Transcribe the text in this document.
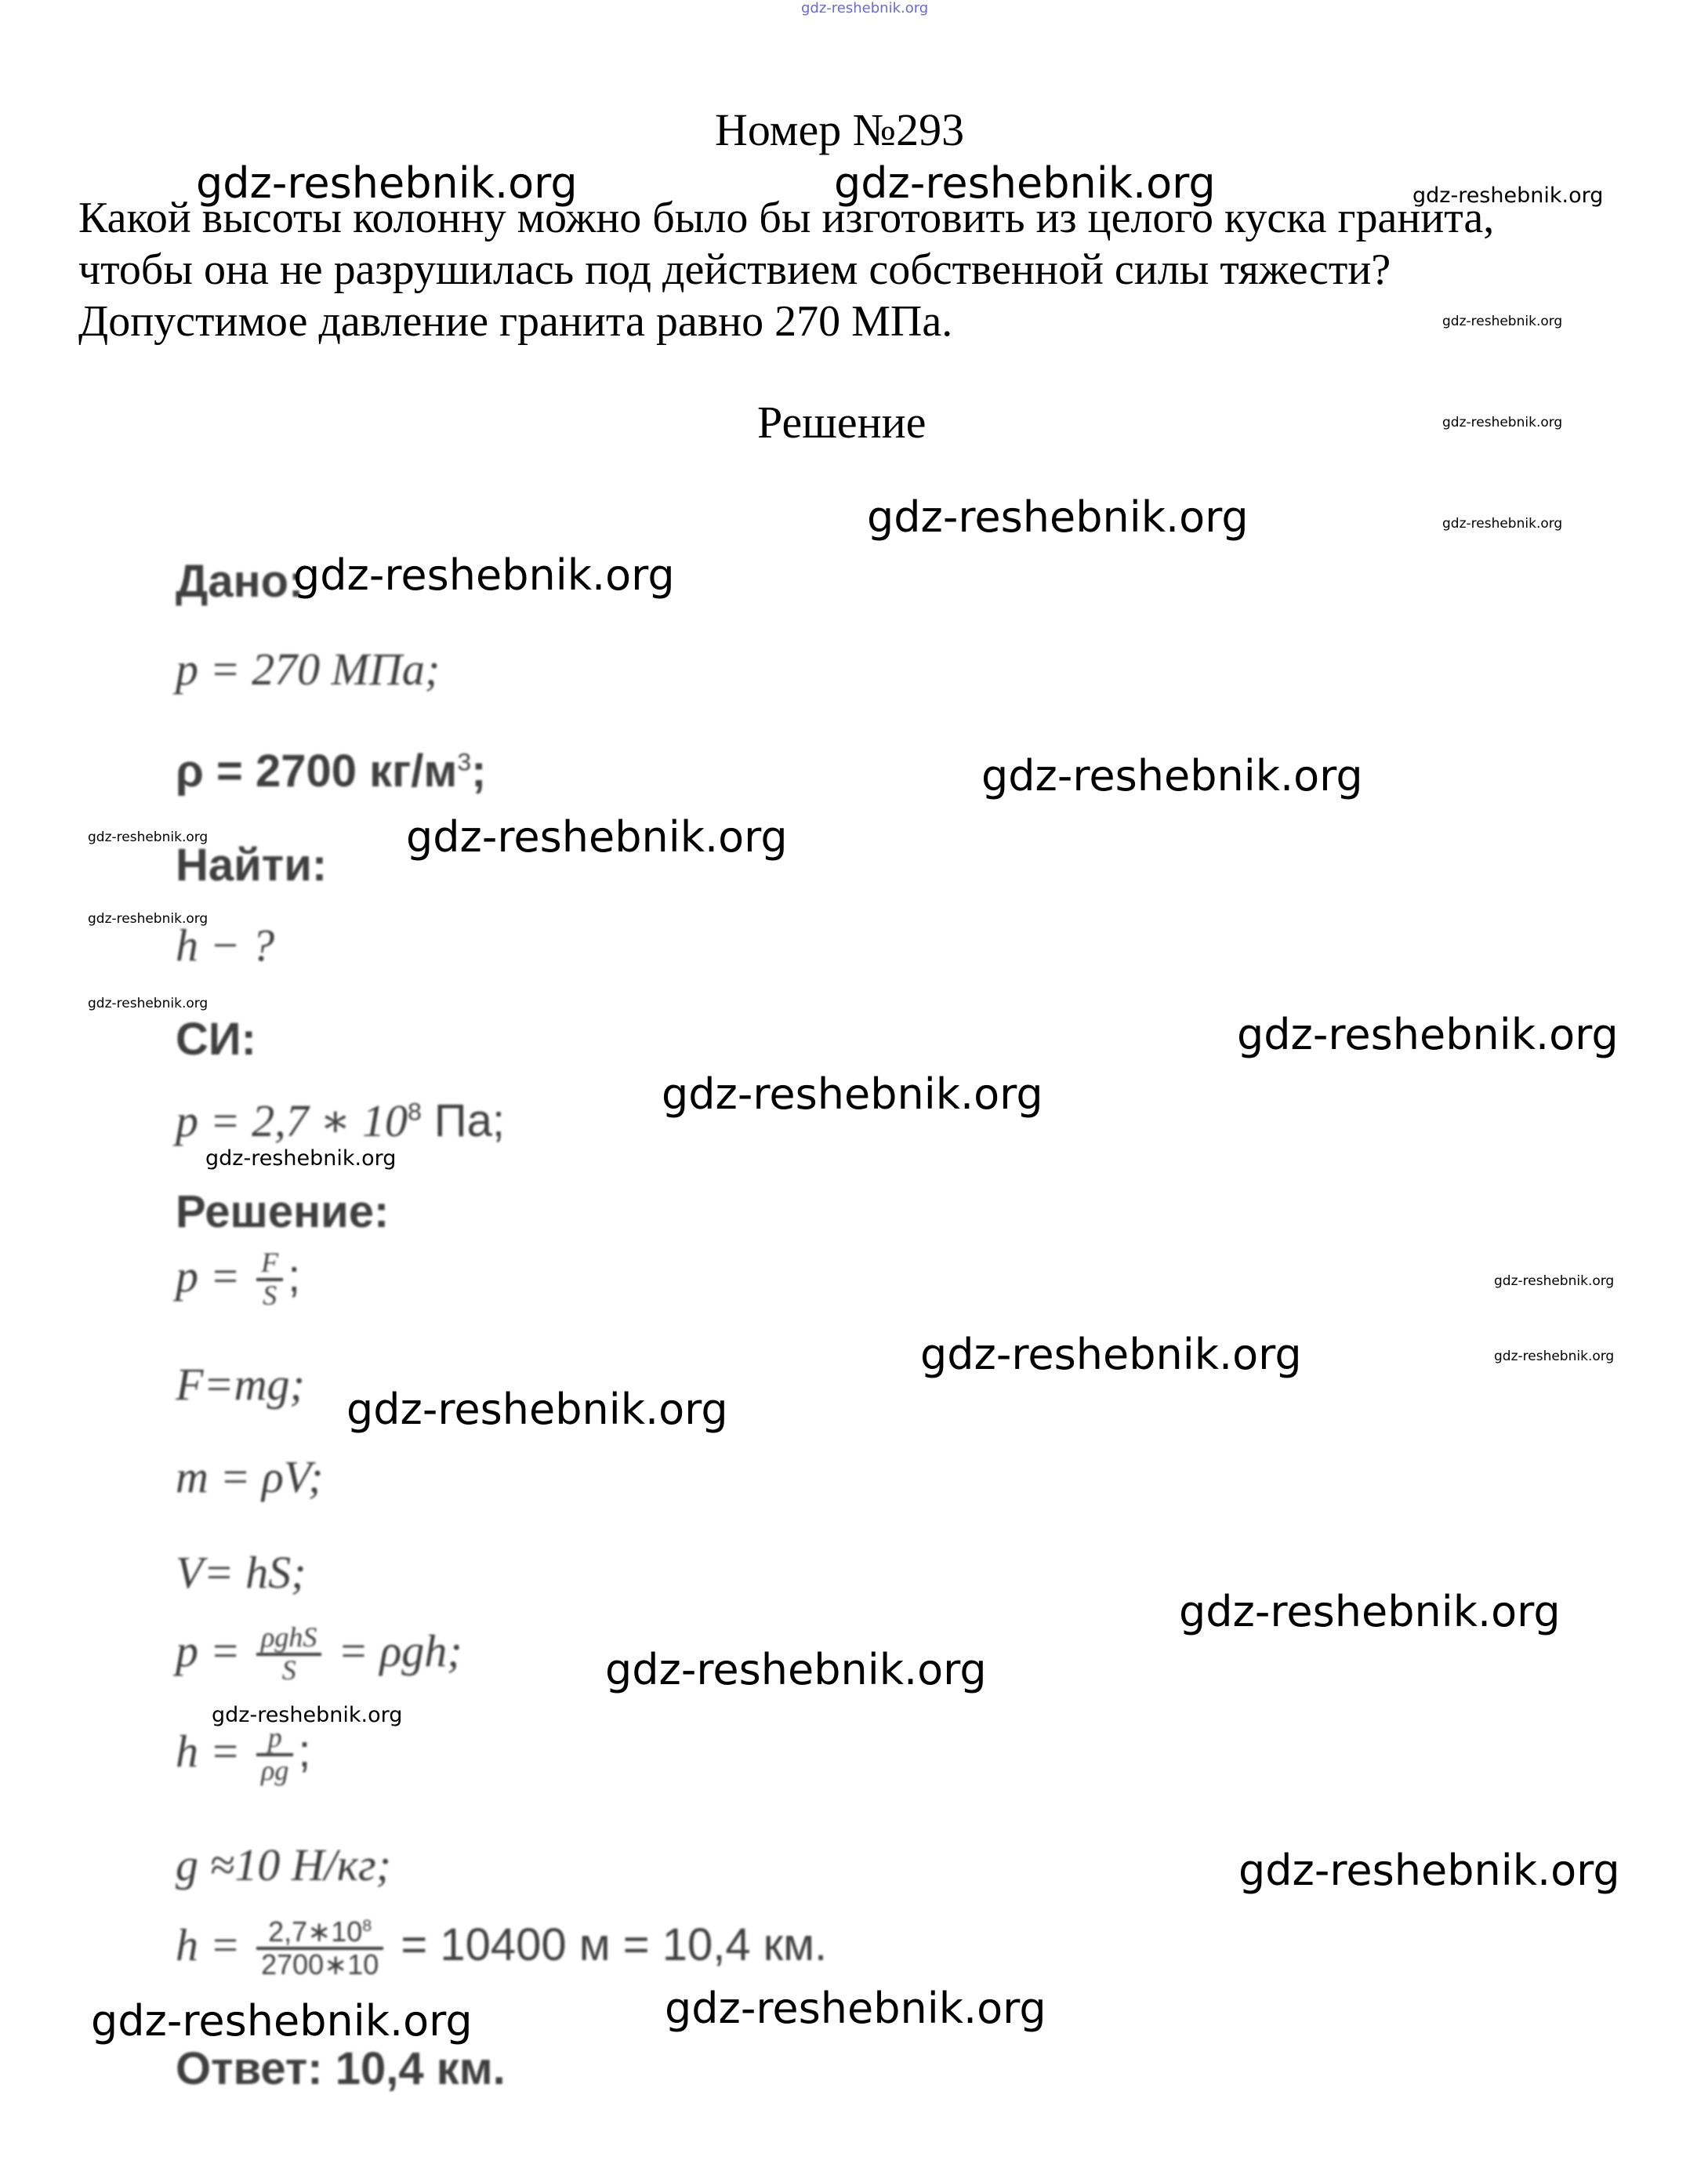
gdz-reshebnik.org
Номер №293
Какой высоты колонну можно было бы изготовить из целого куска гранита,
чтобы она не разрушилась под действием собственной силы тяжести?
Допустимое давление гранита равно 270 МПа.
Решение
Дано:
p = 270 МПа;
ρ = 2700 $кг/м^3$;
Найти:
h − ?
СИ:
p = 2,7 ∗ $10^8$ Па;
Решение:
$p = \frac{F}{S}$ ;
F=mg;
m = ρV;
V= hS;
$p = \frac{\text{ρghS}}{S} = \rho gh$;
$h = \frac{p}{\rho g}$ ;
g ≈10 Н/кг;
$h = \frac{2,7∗10^8}{2700∗10} = 10400$ м = 10,4 км.
Ответ: 10,4 км.
gdz-reshebnik.org	gdz-reshebnik.org	gdz-reshebnik.org
gdz-reshebnik.org
gdz-reshebnik.org
gdz-reshebnik.org	gdz-reshebnik.org
gdz-reshebnik.org
gdz-reshebnik.org
gdz-reshebnik.org
gdz-reshebnik.org
gdz-reshebnik.org
gdz-reshebnik.org
gdz-reshebnik.org
gdz-reshebnik.org
gdz-reshebnik.org
gdz-reshebnik.org
gdz-reshebnik.org	gdz-reshebnik.org
gdz-reshebnik.org
gdz-reshebnik.org
gdz-reshebnik.org
gdz-reshebnik.org
gdz-reshebnik.org
gdz-reshebnik.org	gdz-reshebnik.org
